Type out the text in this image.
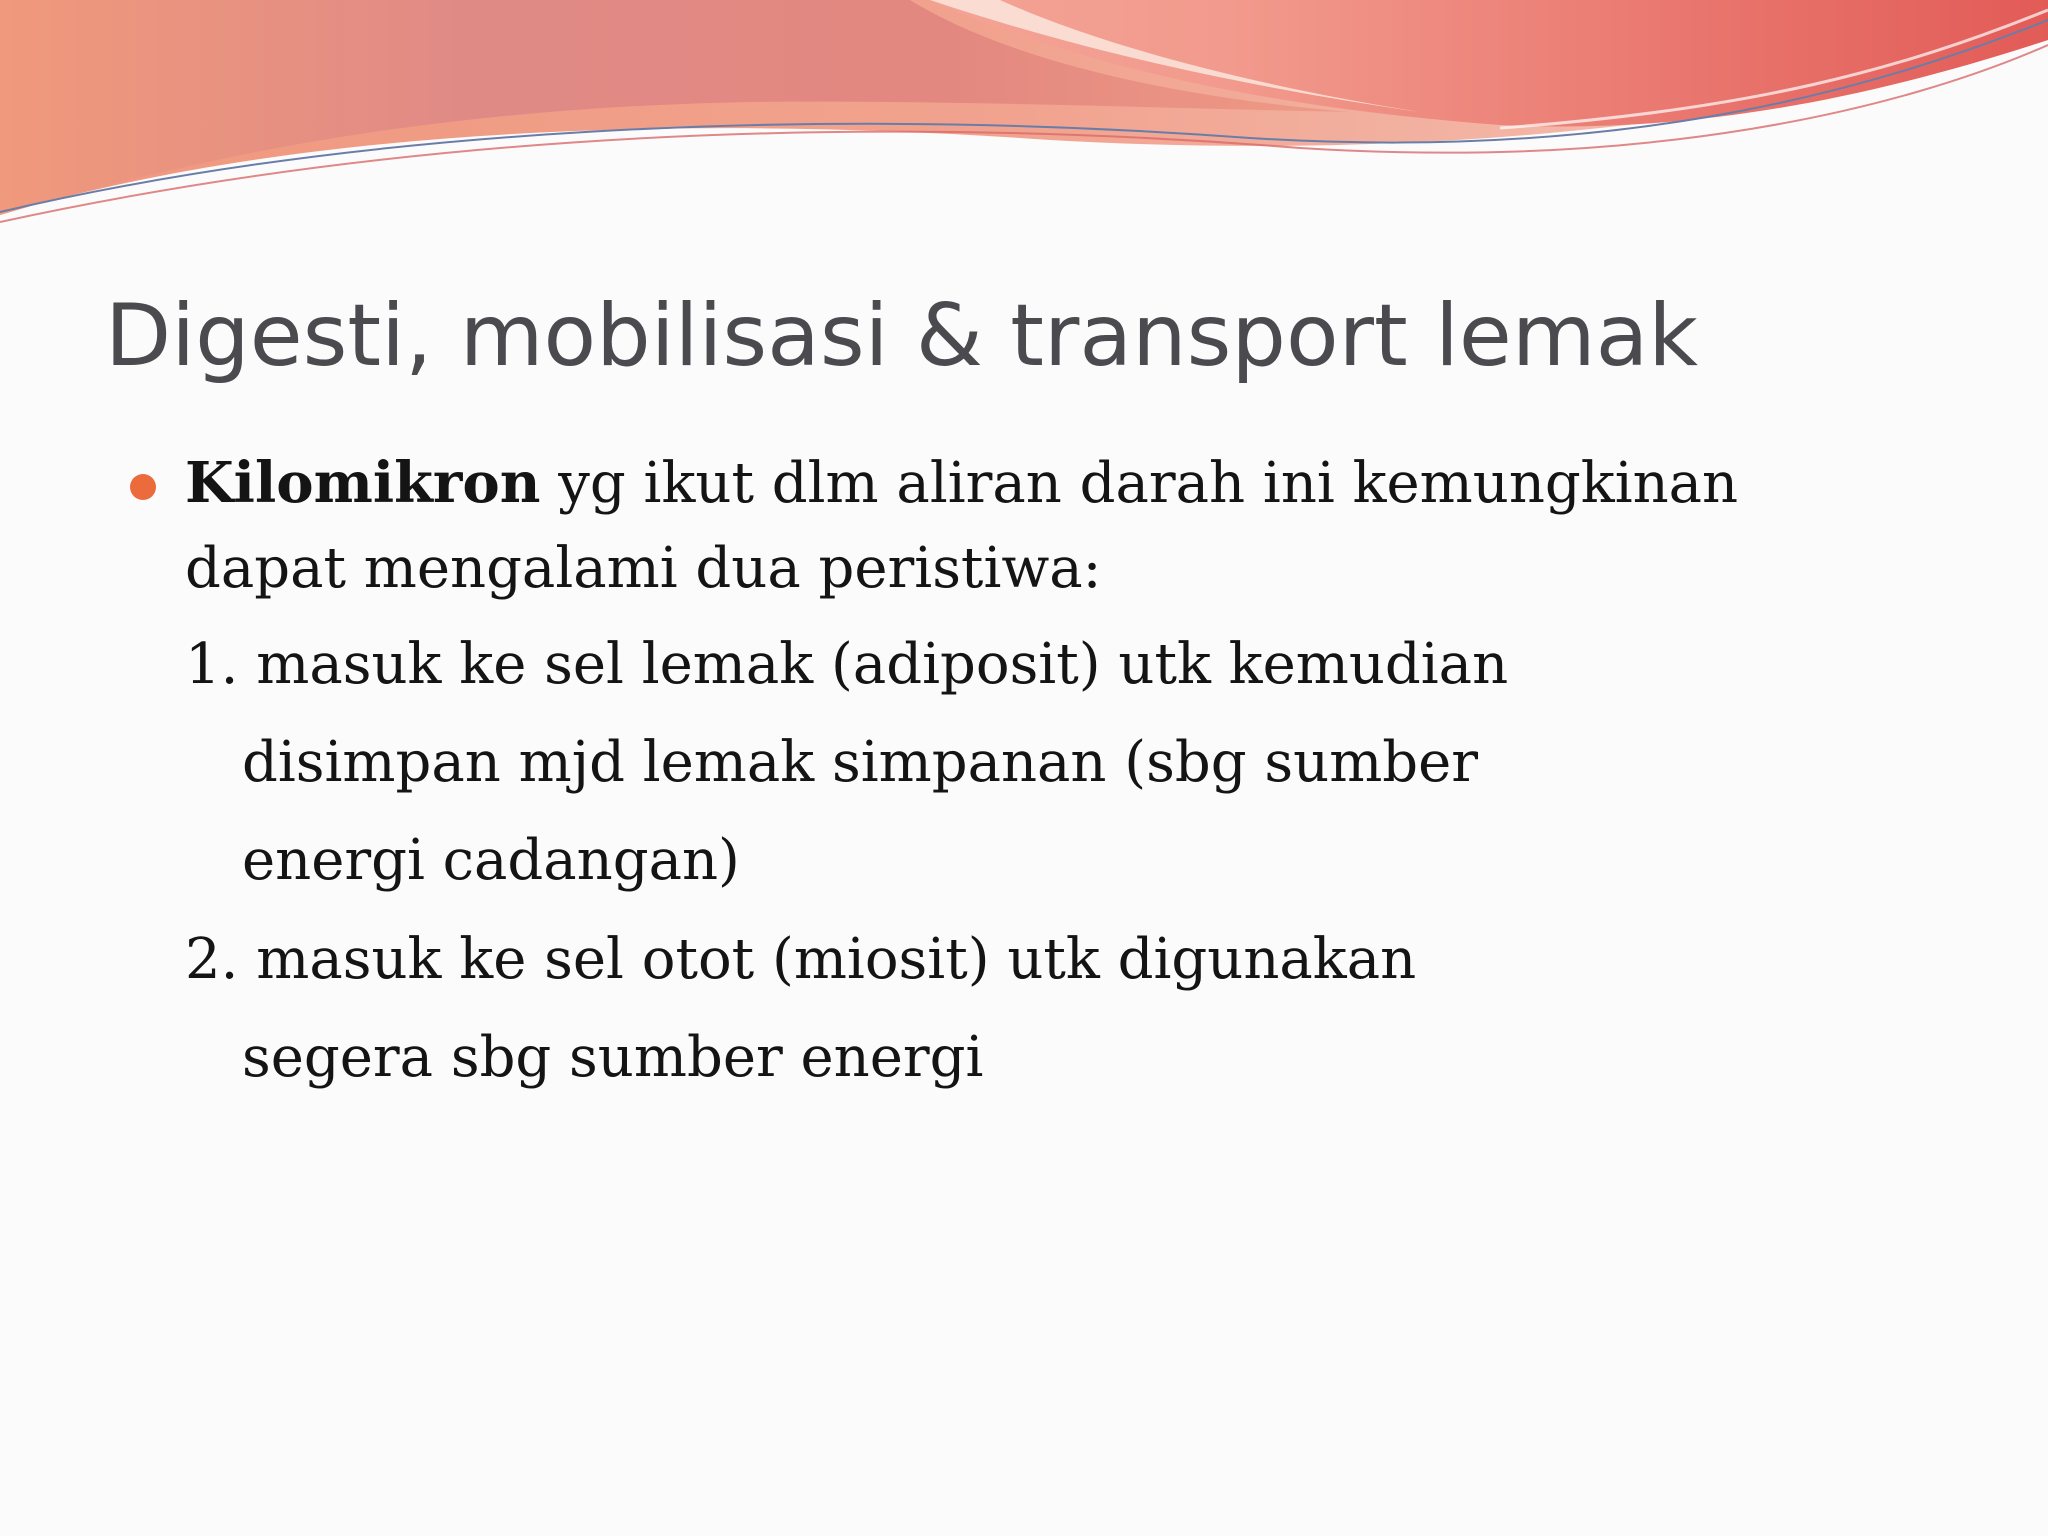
Digesti, mobilisasi & transport lemak

Kilomikron yg ikut dlm aliran darah ini kemungkinan

dapat mengalami dua peristiwa:

1. masuk ke sel lemak (adiposit) utk kemudian

disimpan mjd lemak simpanan (sbg sumber

energi cadangan)

2. masuk ke sel otot (miosit) utk digunakan

segera sbg sumber energi
